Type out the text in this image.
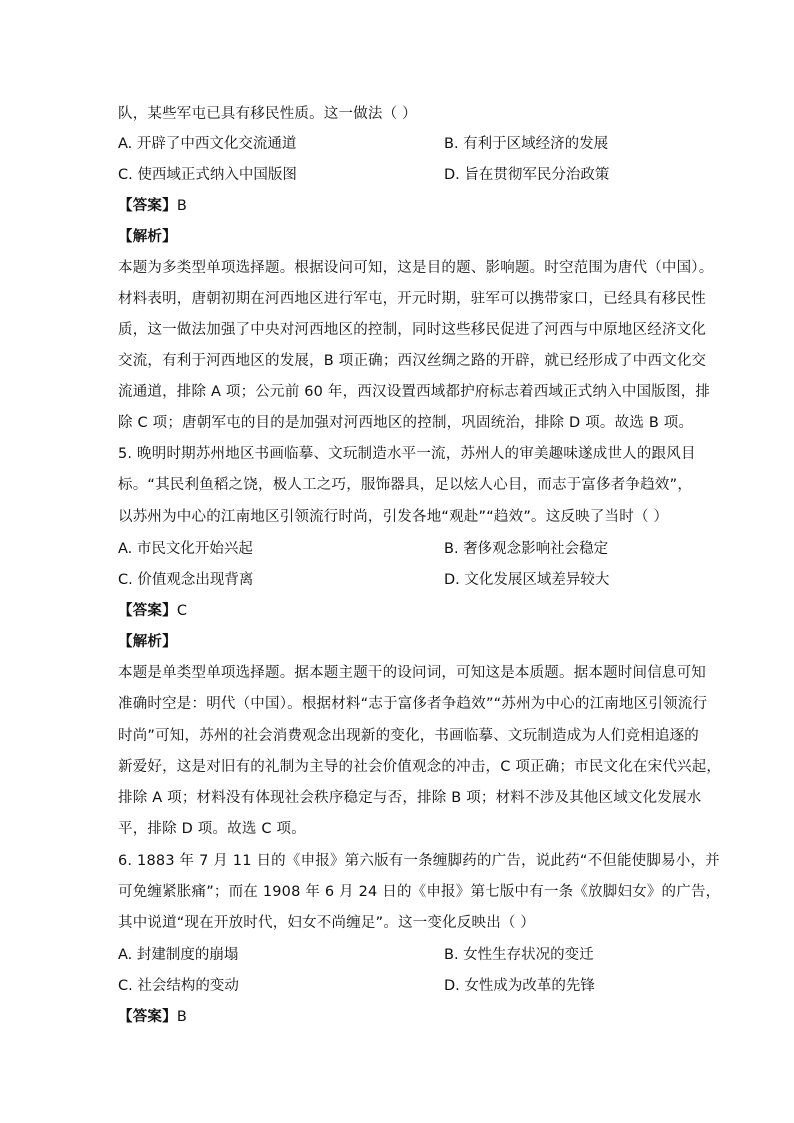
队，某些军屯已具有移民性质。这一做法（ ）
A. 开辟了中西文化交流通道	B. 有利于区域经济的发展
C. 使西域正式纳入中国版图	D. 旨在贯彻军民分治政策
【答案】B
【解析】
本题为多类型单项选择题。根据设问可知，这是目的题、影响题。时空范围为唐代（中国）。
材料表明，唐朝初期在河西地区进行军屯，开元时期，驻军可以携带家口，已经具有移民性
质，这一做法加强了中央对河西地区的控制，同时这些移民促进了河西与中原地区经济文化
交流，有利于河西地区的发展，B 项正确；西汉丝绸之路的开辟，就已经形成了中西文化交
流通道，排除 A 项；公元前 60 年，西汉设置西域都护府标志着西域正式纳入中国版图，排
除 C 项；唐朝军屯的目的是加强对河西地区的控制，巩固统治，排除 D 项。故选 B 项。
5. 晚明时期苏州地区书画临摹、文玩制造水平一流，苏州人的审美趣味遂成世人的跟风目
标。“其民利鱼稻之饶，极人工之巧，服饰器具，足以炫人心目，而志于富侈者争趋效”，
以苏州为中心的江南地区引领流行时尚，引发各地“观赴”“趋效”。这反映了当时（ ）
A. 市民文化开始兴起	B. 奢侈观念影响社会稳定
C. 价值观念出现背离	D. 文化发展区域差异较大
【答案】C
【解析】
本题是单类型单项选择题。据本题主题干的设问词，可知这是本质题。据本题时间信息可知
准确时空是：明代（中国）。根据材料“志于富侈者争趋效”“苏州为中心的江南地区引领流行
时尚”可知，苏州的社会消费观念出现新的变化，书画临摹、文玩制造成为人们竞相追逐的
新爱好，这是对旧有的礼制为主导的社会价值观念的冲击，C 项正确；市民文化在宋代兴起，
排除 A 项；材料没有体现社会秩序稳定与否，排除 B 项；材料不涉及其他区域文化发展水
平，排除 D 项。故选 C 项。
6. 1883 年 7 月 11 日的《申报》第六版有一条缠脚药的广告，说此药“不但能使脚易小，并
可免缠紧胀痛”；而在 1908 年 6 月 24 日的《申报》第七版中有一条《放脚妇女》的广告，
其中说道“现在开放时代，妇女不尚缠足”。这一变化反映出（ ）
A. 封建制度的崩塌	B. 女性生存状况的变迁
C. 社会结构的变动	D. 女性成为改革的先锋
【答案】B
